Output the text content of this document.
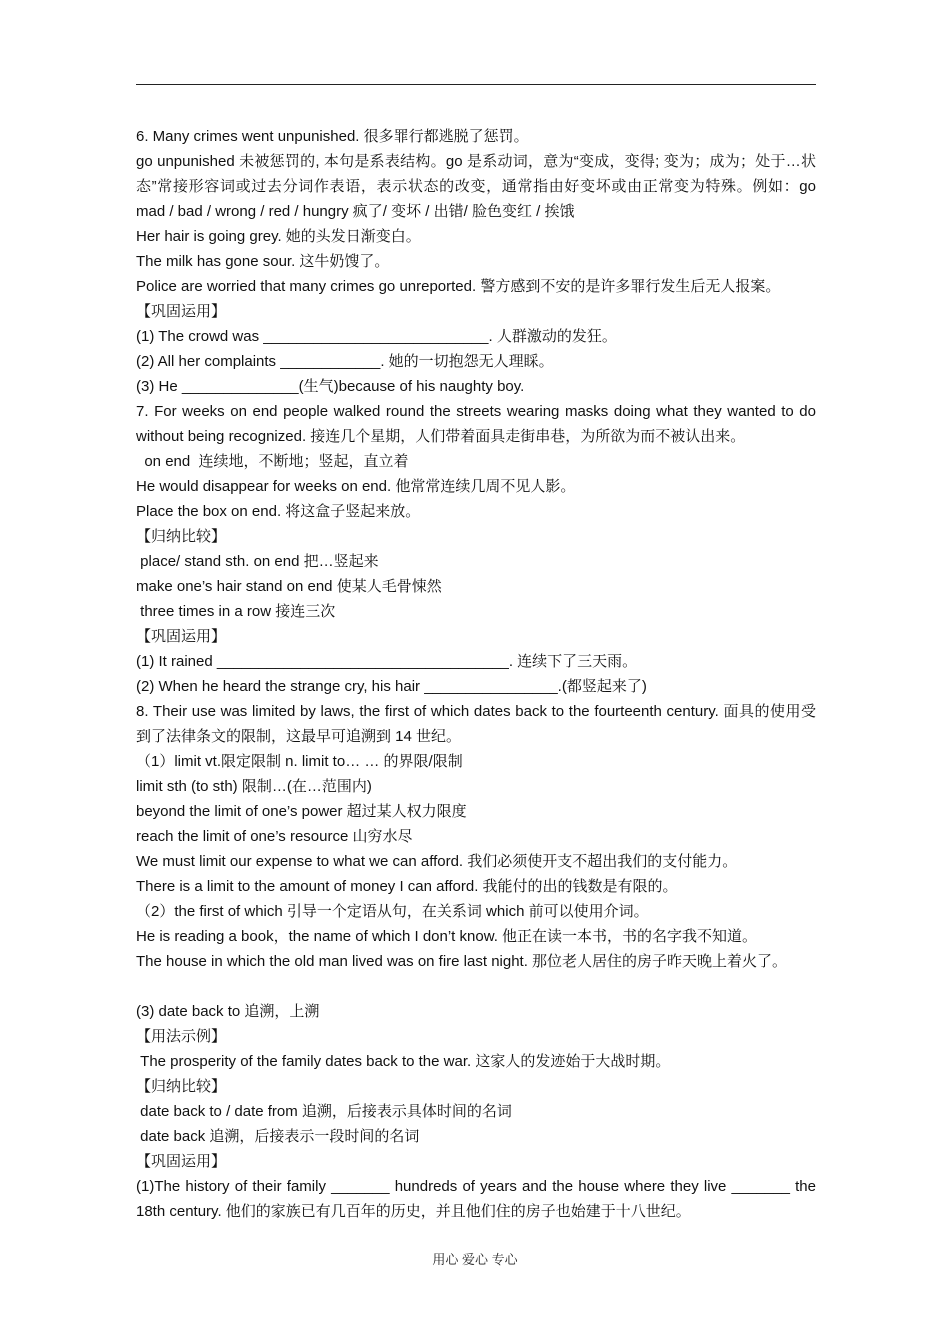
6. Many crimes went unpunished. 很多罪行都逃脱了惩罚。

go unpunished 未被惩罚的, 本句是系表结构。go 是系动词，意为“变成，变得; 变为；成为；处于…状态”常接形容词或过去分词作表语，表示状态的改变，通常指由好变坏或由正常变为特殊。例如：go mad / bad / wrong / red / hungry 疯了/ 变坏 / 出错/ 脸色变红 / 挨饿

Her hair is going grey. 她的头发日渐变白。

The milk has gone sour. 这牛奶馊了。

Police are worried that many crimes go unreported. 警方感到不安的是许多罪行发生后无人报案。

【巩固运用】

(1) The crowd was ___________________________. 人群激动的发狂。

(2) All her complaints ____________. 她的一切抱怨无人理睬。

(3) He ______________(生气)because of his naughty boy.

7. For weeks on end people walked round the streets wearing masks doing what they wanted to do without being recognized. 接连几个星期，人们带着面具走街串巷，为所欲为而不被认出来。

on end  连续地，不断地；竖起，直立着

He would disappear for weeks on end. 他常常连续几周不见人影。

Place the box on end. 将这盒子竖起来放。

【归纳比较】

place/ stand sth. on end 把…竖起来

make one’s hair stand on end 使某人毛骨悚然

three times in a row 接连三次

【巩固运用】

(1) It rained ___________________________________. 连续下了三天雨。

(2) When he heard the strange cry, his hair ________________.(都竖起来了)

8. Their use was limited by laws, the first of which dates back to the fourteenth century. 面具的使用受到了法律条文的限制，这最早可追溯到 14 世纪。

（1）limit vt.限定限制 n. limit to… … 的界限/限制

limit sth (to sth) 限制…(在…范围内)

beyond the limit of one’s power 超过某人权力限度

reach the limit of one’s resource 山穷水尽

We must limit our expense to what we can afford. 我们必须使开支不超出我们的支付能力。

There is a limit to the amount of money I can afford. 我能付的出的钱数是有限的。

（2）the first of which 引导一个定语从句，在关系词 which 前可以使用介词。

He is reading a book，the name of which I don’t know. 他正在读一本书，书的名字我不知道。

The house in which the old man lived was on fire last night. 那位老人居住的房子昨天晚上着火了。

(3) date back to 追溯，上溯

【用法示例】

The prosperity of the family dates back to the war. 这家人的发迹始于大战时期。

【归纳比较】

date back to / date from 追溯，后接表示具体时间的名词

date back 追溯，后接表示一段时间的名词

【巩固运用】

(1)The history of their family _______ hundreds of years and the house where they live _______ the 18th century. 他们的家族已有几百年的历史，并且他们住的房子也始建于十八世纪。

用心 爱心 专心
